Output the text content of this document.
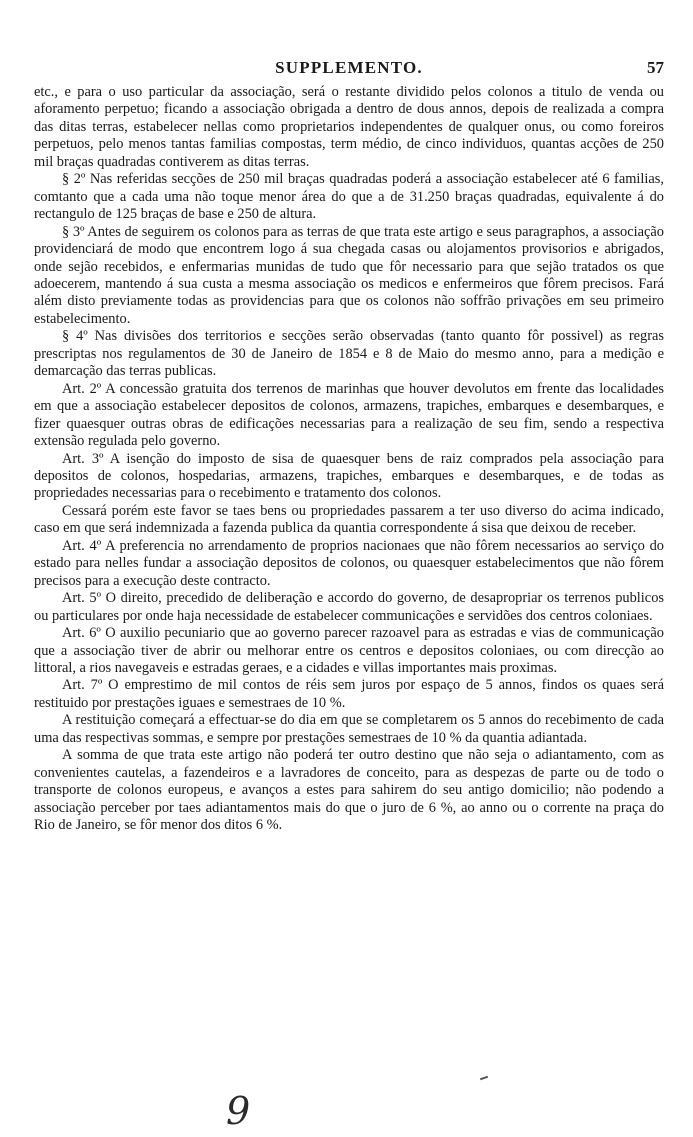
SUPPLEMENTO.	57

etc., e para o uso particular da associação, será o restante dividido pelos colonos a titulo de venda ou aforamento perpetuo; ficando a associação obrigada a dentro de dous annos, depois de realizada a compra das ditas terras, estabelecer nellas como proprietarios independentes de qualquer onus, ou como foreiros perpetuos, pelo menos tantas familias compostas, term médio, de cinco individuos, quantas acções de 250 mil braças quadradas contiverem as ditas terras.

§ 2º Nas referidas secções de 250 mil braças quadradas poderá a associação estabelecer até 6 familias, comtanto que a cada uma não toque menor área do que a de 31.250 braças quadradas, equivalente á do rectangulo de 125 braças de base e 250 de altura.

§ 3º Antes de seguirem os colonos para as terras de que trata este artigo e seus paragraphos, a associação providenciará de modo que encontrem logo á sua chegada casas ou alojamentos provisorios e abrigados, onde sejão recebidos, e enfermarias munidas de tudo que fôr necessario para que sejão tratados os que adoecerem, mantendo á sua custa a mesma associação os medicos e enfermeiros que fôrem precisos. Fará além disto previamente todas as providencias para que os colonos não soffrão privações em seu primeiro estabelecimento.

§ 4º Nas divisões dos territorios e secções serão observadas (tanto quanto fôr possivel) as regras prescriptas nos regulamentos de 30 de Janeiro de 1854 e 8 de Maio do mesmo anno, para a medição e demarcação das terras publicas.

Art. 2º A concessão gratuita dos terrenos de marinhas que houver devolutos em frente das localidades em que a associação estabelecer depositos de colonos, armazens, trapiches, embarques e desembarques, e fizer quaesquer outras obras de edificações necessarias para a realização de seu fim, sendo a respectiva extensão regulada pelo governo.

Art. 3º A isenção do imposto de sisa de quaesquer bens de raiz comprados pela associação para depositos de colonos, hospedarias, armazens, trapiches, embarques e desembarques, e de todas as propriedades necessarias para o recebimento e tratamento dos colonos.

Cessará porém este favor se taes bens ou propriedades passarem a ter uso diverso do acima indicado, caso em que será indemnizada a fazenda publica da quantia correspondente á sisa que deixou de receber.

Art. 4º A preferencia no arrendamento de proprios nacionaes que não fôrem necessarios ao serviço do estado para nelles fundar a associação depositos de colonos, ou quaesquer estabelecimentos que não fôrem precisos para a execução deste contracto.

Art. 5º O direito, precedido de deliberação e accordo do governo, de desapropriar os terrenos publicos ou particulares por onde haja necessidade de estabelecer communicações e servidões dos centros coloniaes.

Art. 6º O auxilio pecuniario que ao governo parecer razoavel para as estradas e vias de communicação que a associação tiver de abrir ou melhorar entre os centros e depositos coloniaes, ou com direcção ao littoral, a rios navegaveis e estradas geraes, e a cidades e villas importantes mais proximas.

Art. 7º O emprestimo de mil contos de réis sem juros por espaço de 5 annos, findos os quaes será restituido por prestações iguaes e semestraes de 10 %.

A restituição começará a effectuar-se do dia em que se completarem os 5 annos do recebimento de cada uma das respectivas sommas, e sempre por prestações semestraes de 10 % da quantia adiantada.

A somma de que trata este artigo não poderá ter outro destino que não seja o adiantamento, com as convenientes cautelas, a fazendeiros e a lavradores de conceito, para as despezas de parte ou de todo o transporte de colonos europeus, e avanços a estes para sahirem do seu antigo domicilio; não podendo a associação perceber por taes adiantamentos mais do que o juro de 6 %, ao anno ou o corrente na praça do Rio de Janeiro, se fôr menor dos ditos 6 %.

9
